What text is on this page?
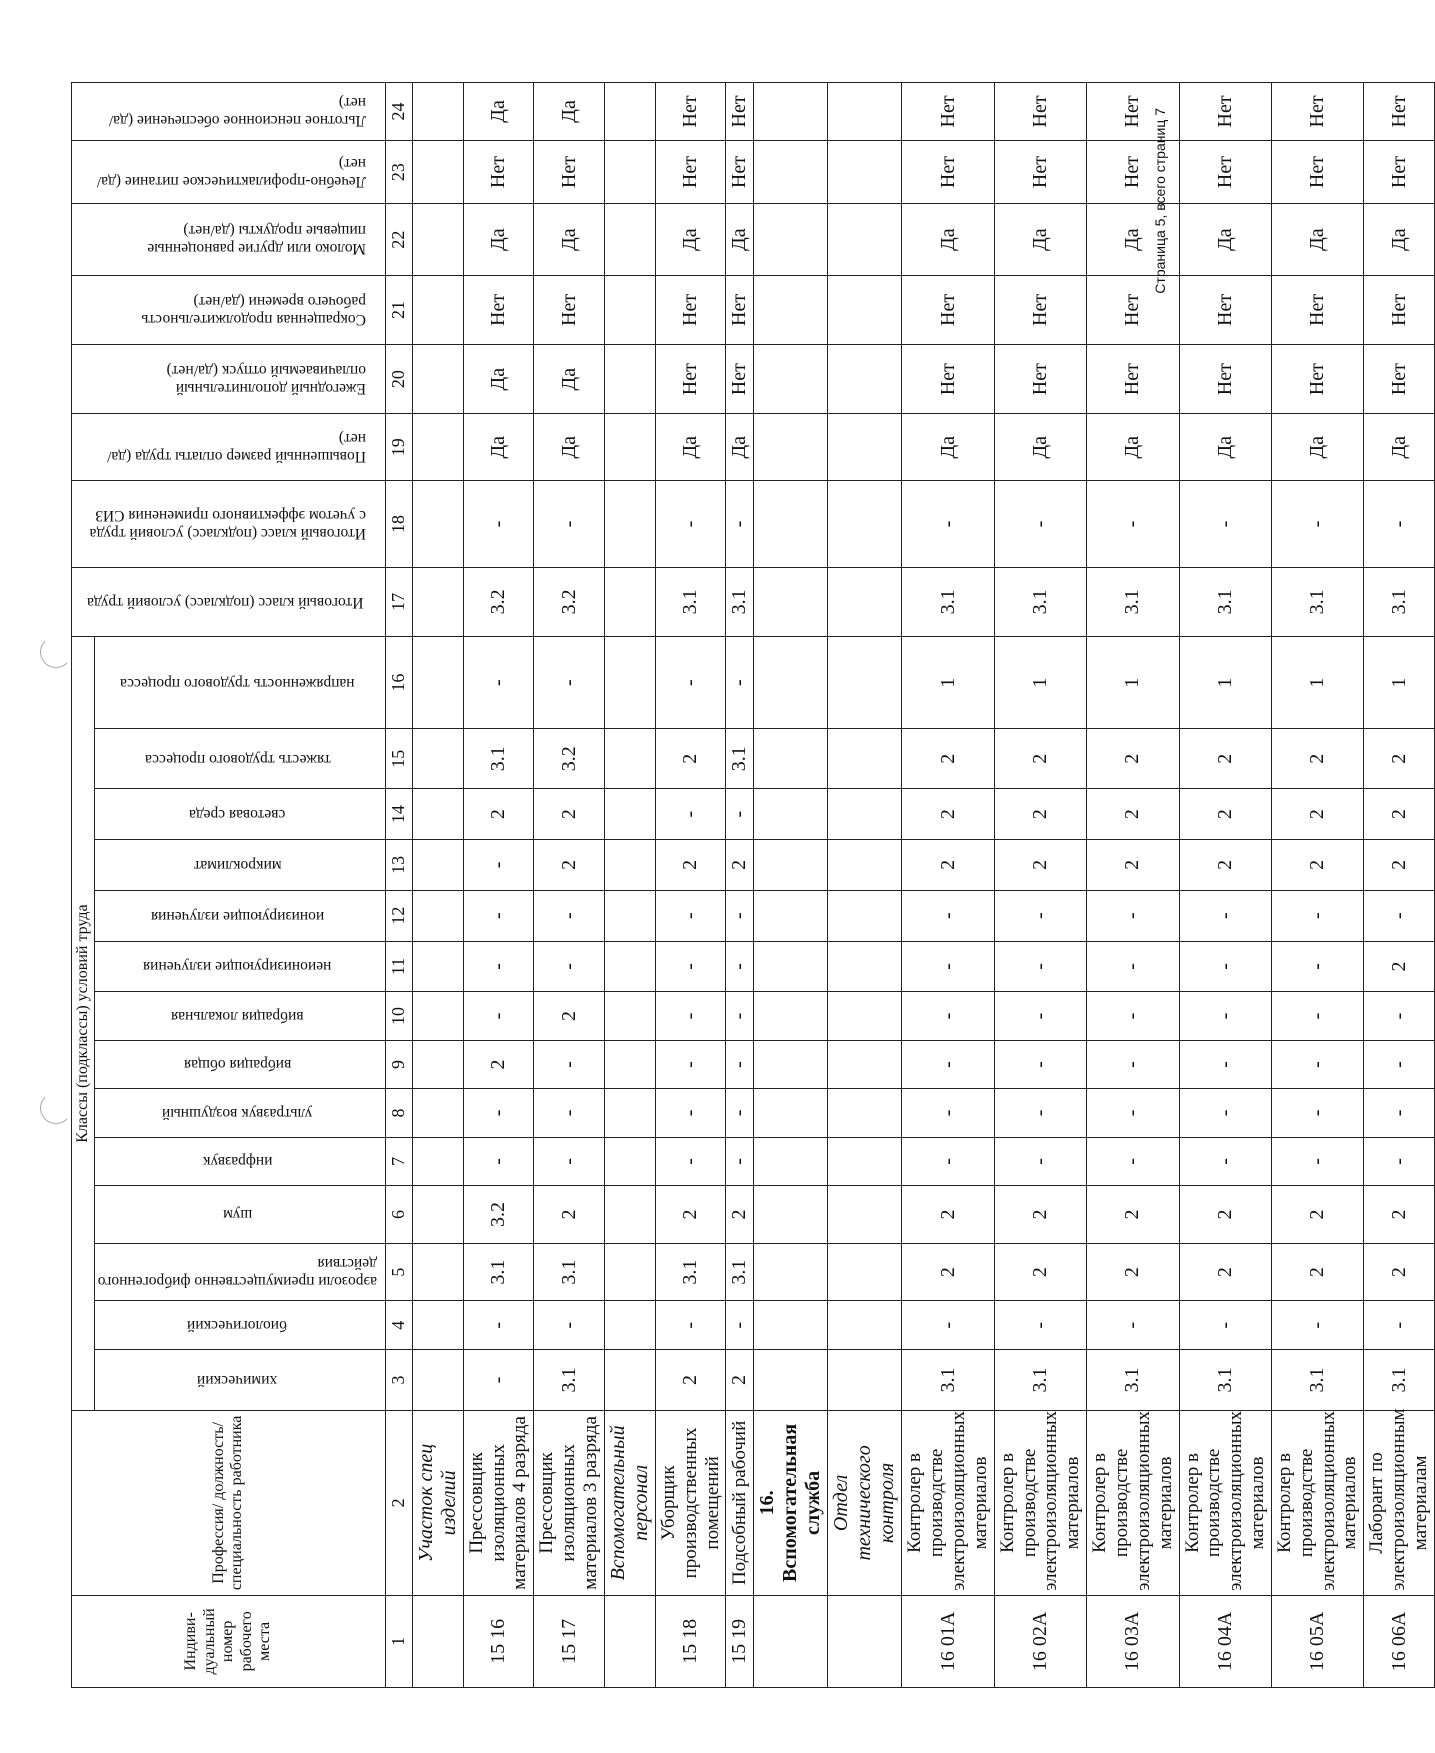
Индиви-дуальный номер рабочего места	Профессия/ должность/ специальность работника	Классы (подклассы) условий труда														Итоговый класс (подкласс) условий труда	Итоговый класс (подкласс) условий труда с учетом эффективного применения СИЗ	Повышенный размер оплаты труда (да/нет)	Ежегодный дополнительный оплачиваемый отпуск (да/нет)	Сокращенная продолжительность рабочего времени (да/нет)	Молоко или другие равноценные пищевые продукты (да/нет)	Лечебно-профилактическое питание (да/нет)	Льготное пенсионное обеспечение (да/нет)
		химический	биологический	аэрозоли преимущественно фиброгенного действия	шум	инфразвук	ультразвук воздушный	вибрация общая	вибрация локальная	неионизирующие излучения	ионизирующие излучения	микроклимат	световая среда	тяжесть трудового процесса	напряженность трудового процесса								
1	2	3	4	5	6	7	8	9	10	11	12	13	14	15	16	17	18	19	20	21	22	23	24
	Участок спец изделий																						
15 16	Прессовщик изоляционных материалов 4 разряда	-	-	3.1	3.2	-	-	2	-	-	-	-	2	3.1	-	3.2	-	Да	Да	Нет	Да	Нет	Да
15 17	Прессовщик изоляционных материалов 3 разряда	3.1	-	3.1	2	-	-	-	2	-	-	2	2	3.2	-	3.2	-	Да	Да	Нет	Да	Нет	Да
	Вспомогательный персонал																						
15 18	Уборщик производственных помещений	2	-	3.1	2	-	-	-	-	-	-	2	-	2	-	3.1	-	Да	Нет	Нет	Да	Нет	Нет
15 19	Подсобный рабочий	2	-	3.1	2	-	-	-	-	-	-	2	-	3.1	-	3.1	-	Да	Нет	Нет	Да	Нет	Нет
	16. Вспомогательная служба																						
	Отдел технического контроля																						
16 01А	Контролер в производстве электроизоляционных материалов	3.1	-	2	2	-	-	-	-	-	-	2	2	2	1	3.1	-	Да	Нет	Нет	Да	Нет	Нет
16 02А	Контролер в производстве электроизоляционных материалов	3.1	-	2	2	-	-	-	-	-	-	2	2	2	1	3.1	-	Да	Нет	Нет	Да	Нет	Нет
16 03А	Контролер в производстве электроизоляционных материалов	3.1	-	2	2	-	-	-	-	-	-	2	2	2	1	3.1	-	Да	Нет	Нет	Да	Нет	Нет
16 04А	Контролер в производстве электроизоляционных материалов	3.1	-	2	2	-	-	-	-	-	-	2	2	2	1	3.1	-	Да	Нет	Нет	Да	Нет	Нет
16 05А	Контролер в производстве электроизоляционных материалов	3.1	-	2	2	-	-	-	-	-	-	2	2	2	1	3.1	-	Да	Нет	Нет	Да	Нет	Нет
16 06А	Лаборант по электроизоляционным материалам	3.1	-	2	2	-	-	-	-	2	-	2	2	2	1	3.1	-	Да	Нет	Нет	Да	Нет	Нет
Страница 5, всего страниц 7
